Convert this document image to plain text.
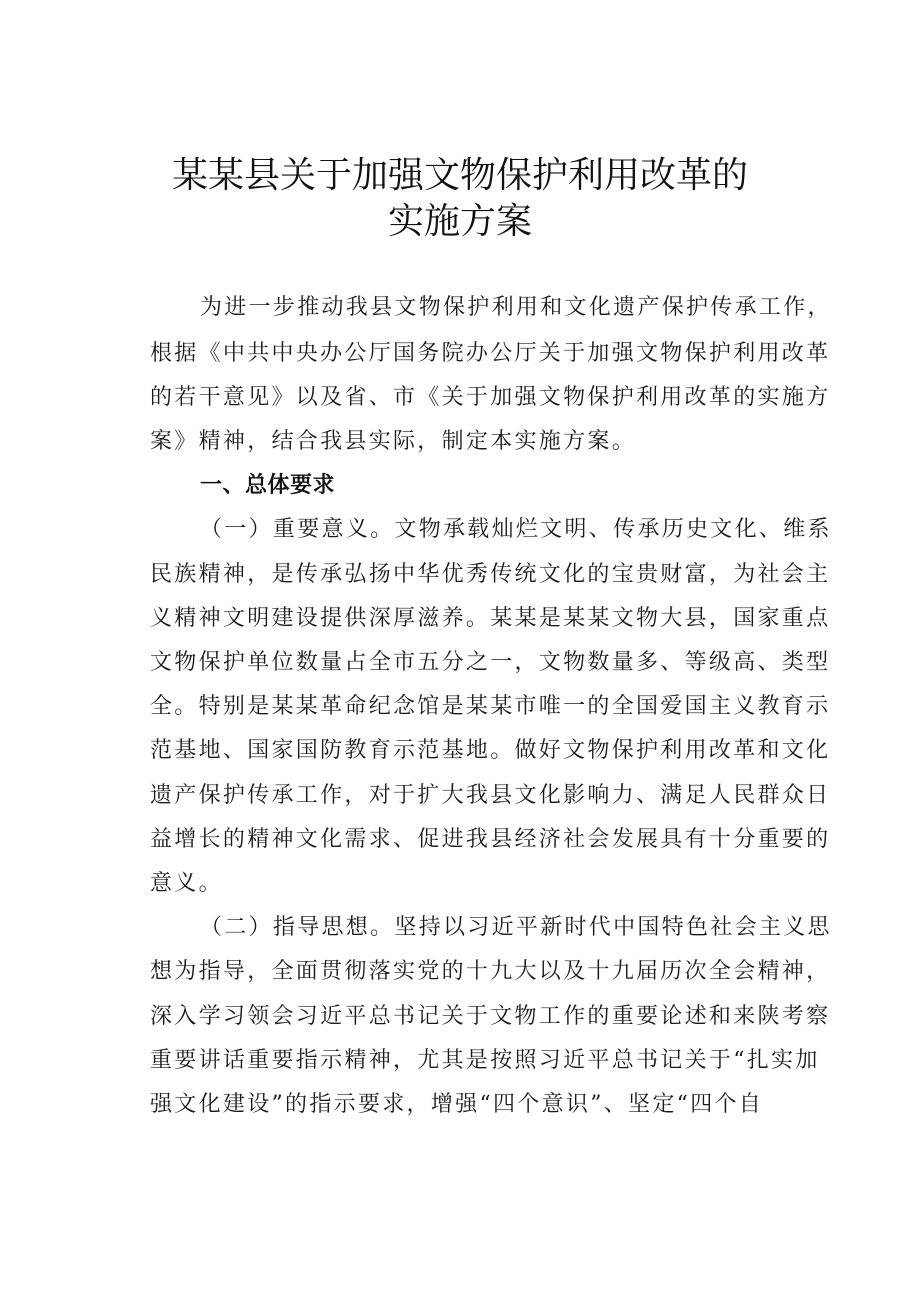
某某县关于加强文物保护利用改革的
实施方案
为进一步推动我县文物保护利用和文化遗产保护传承工作，
根据《中共中央办公厅国务院办公厅关于加强文物保护利用改革
的若干意见》以及省、市《关于加强文物保护利用改革的实施方
案》精神，结合我县实际，制定本实施方案。
一、总体要求
（一）重要意义。文物承载灿烂文明、传承历史文化、维系
民族精神，是传承弘扬中华优秀传统文化的宝贵财富，为社会主
义精神文明建设提供深厚滋养。某某是某某文物大县，国家重点
文物保护单位数量占全市五分之一，文物数量多、等级高、类型
全。特别是某某革命纪念馆是某某市唯一的全国爱国主义教育示
范基地、国家国防教育示范基地。做好文物保护利用改革和文化
遗产保护传承工作，对于扩大我县文化影响力、满足人民群众日
益增长的精神文化需求、促进我县经济社会发展具有十分重要的
意义。
（二）指导思想。坚持以习近平新时代中国特色社会主义思
想为指导，全面贯彻落实党的十九大以及十九届历次全会精神，
深入学习领会习近平总书记关于文物工作的重要论述和来陕考察
重要讲话重要指示精神，尤其是按照习近平总书记关于“扎实加
强文化建设”的指示要求，增强“四个意识”、坚定“四个自
